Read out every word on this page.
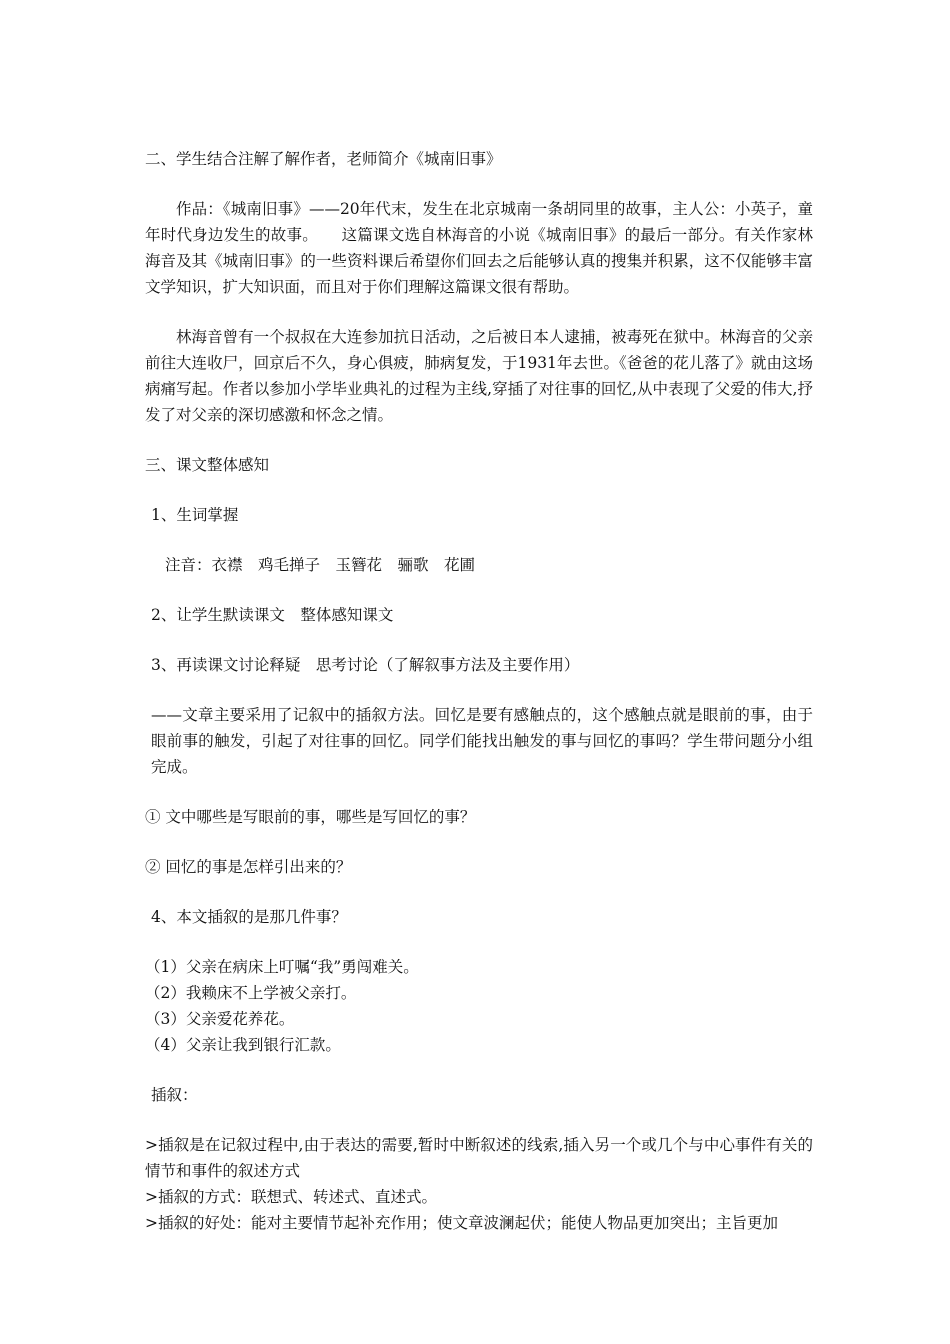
二、学生结合注解了解作者，老师简介《城南旧事》

作品：《城南旧事》——20年代末，发生在北京城南一条胡同里的故事，主人公：小英子，童年时代身边发生的故事。　　这篇课文选自林海音的小说《城南旧事》的最后一部分。有关作家林海音及其《城南旧事》的一些资料课后希望你们回去之后能够认真的搜集并积累，这不仅能够丰富文学知识，扩大知识面，而且对于你们理解这篇课文很有帮助。

林海音曾有一个叔叔在大连参加抗日活动，之后被日本人逮捕，被毒死在狱中。林海音的父亲前往大连收尸，回京后不久，身心俱疲，肺病复发，于1931年去世。《爸爸的花儿落了》就由这场病痛写起。作者以参加小学毕业典礼的过程为主线,穿插了对往事的回忆,从中表现了父爱的伟大,抒发了对父亲的深切感激和怀念之情。

三、课文整体感知

1、生词掌握

注音：衣襟　鸡毛掸子　玉簪花　骊歌　花圃

2、让学生默读课文　整体感知课文

3、再读课文讨论释疑　思考讨论（了解叙事方法及主要作用）

——文章主要采用了记叙中的插叙方法。回忆是要有感触点的，这个感触点就是眼前的事，由于眼前事的触发，引起了对往事的回忆。同学们能找出触发的事与回忆的事吗？学生带问题分小组完成。

① 文中哪些是写眼前的事，哪些是写回忆的事？

② 回忆的事是怎样引出来的？

4、本文插叙的是那几件事？

（1）父亲在病床上叮嘱“我”勇闯难关。

（2）我赖床不上学被父亲打。

（3）父亲爱花养花。

（4）父亲让我到银行汇款。

插叙：

>插叙是在记叙过程中,由于表达的需要,暂时中断叙述的线索,插入另一个或几个与中心事件有关的情节和事件的叙述方式

>插叙的方式：联想式、转述式、直述式。

>插叙的好处：能对主要情节起补充作用；使文章波澜起伏；能使人物品更加突出；主旨更加
